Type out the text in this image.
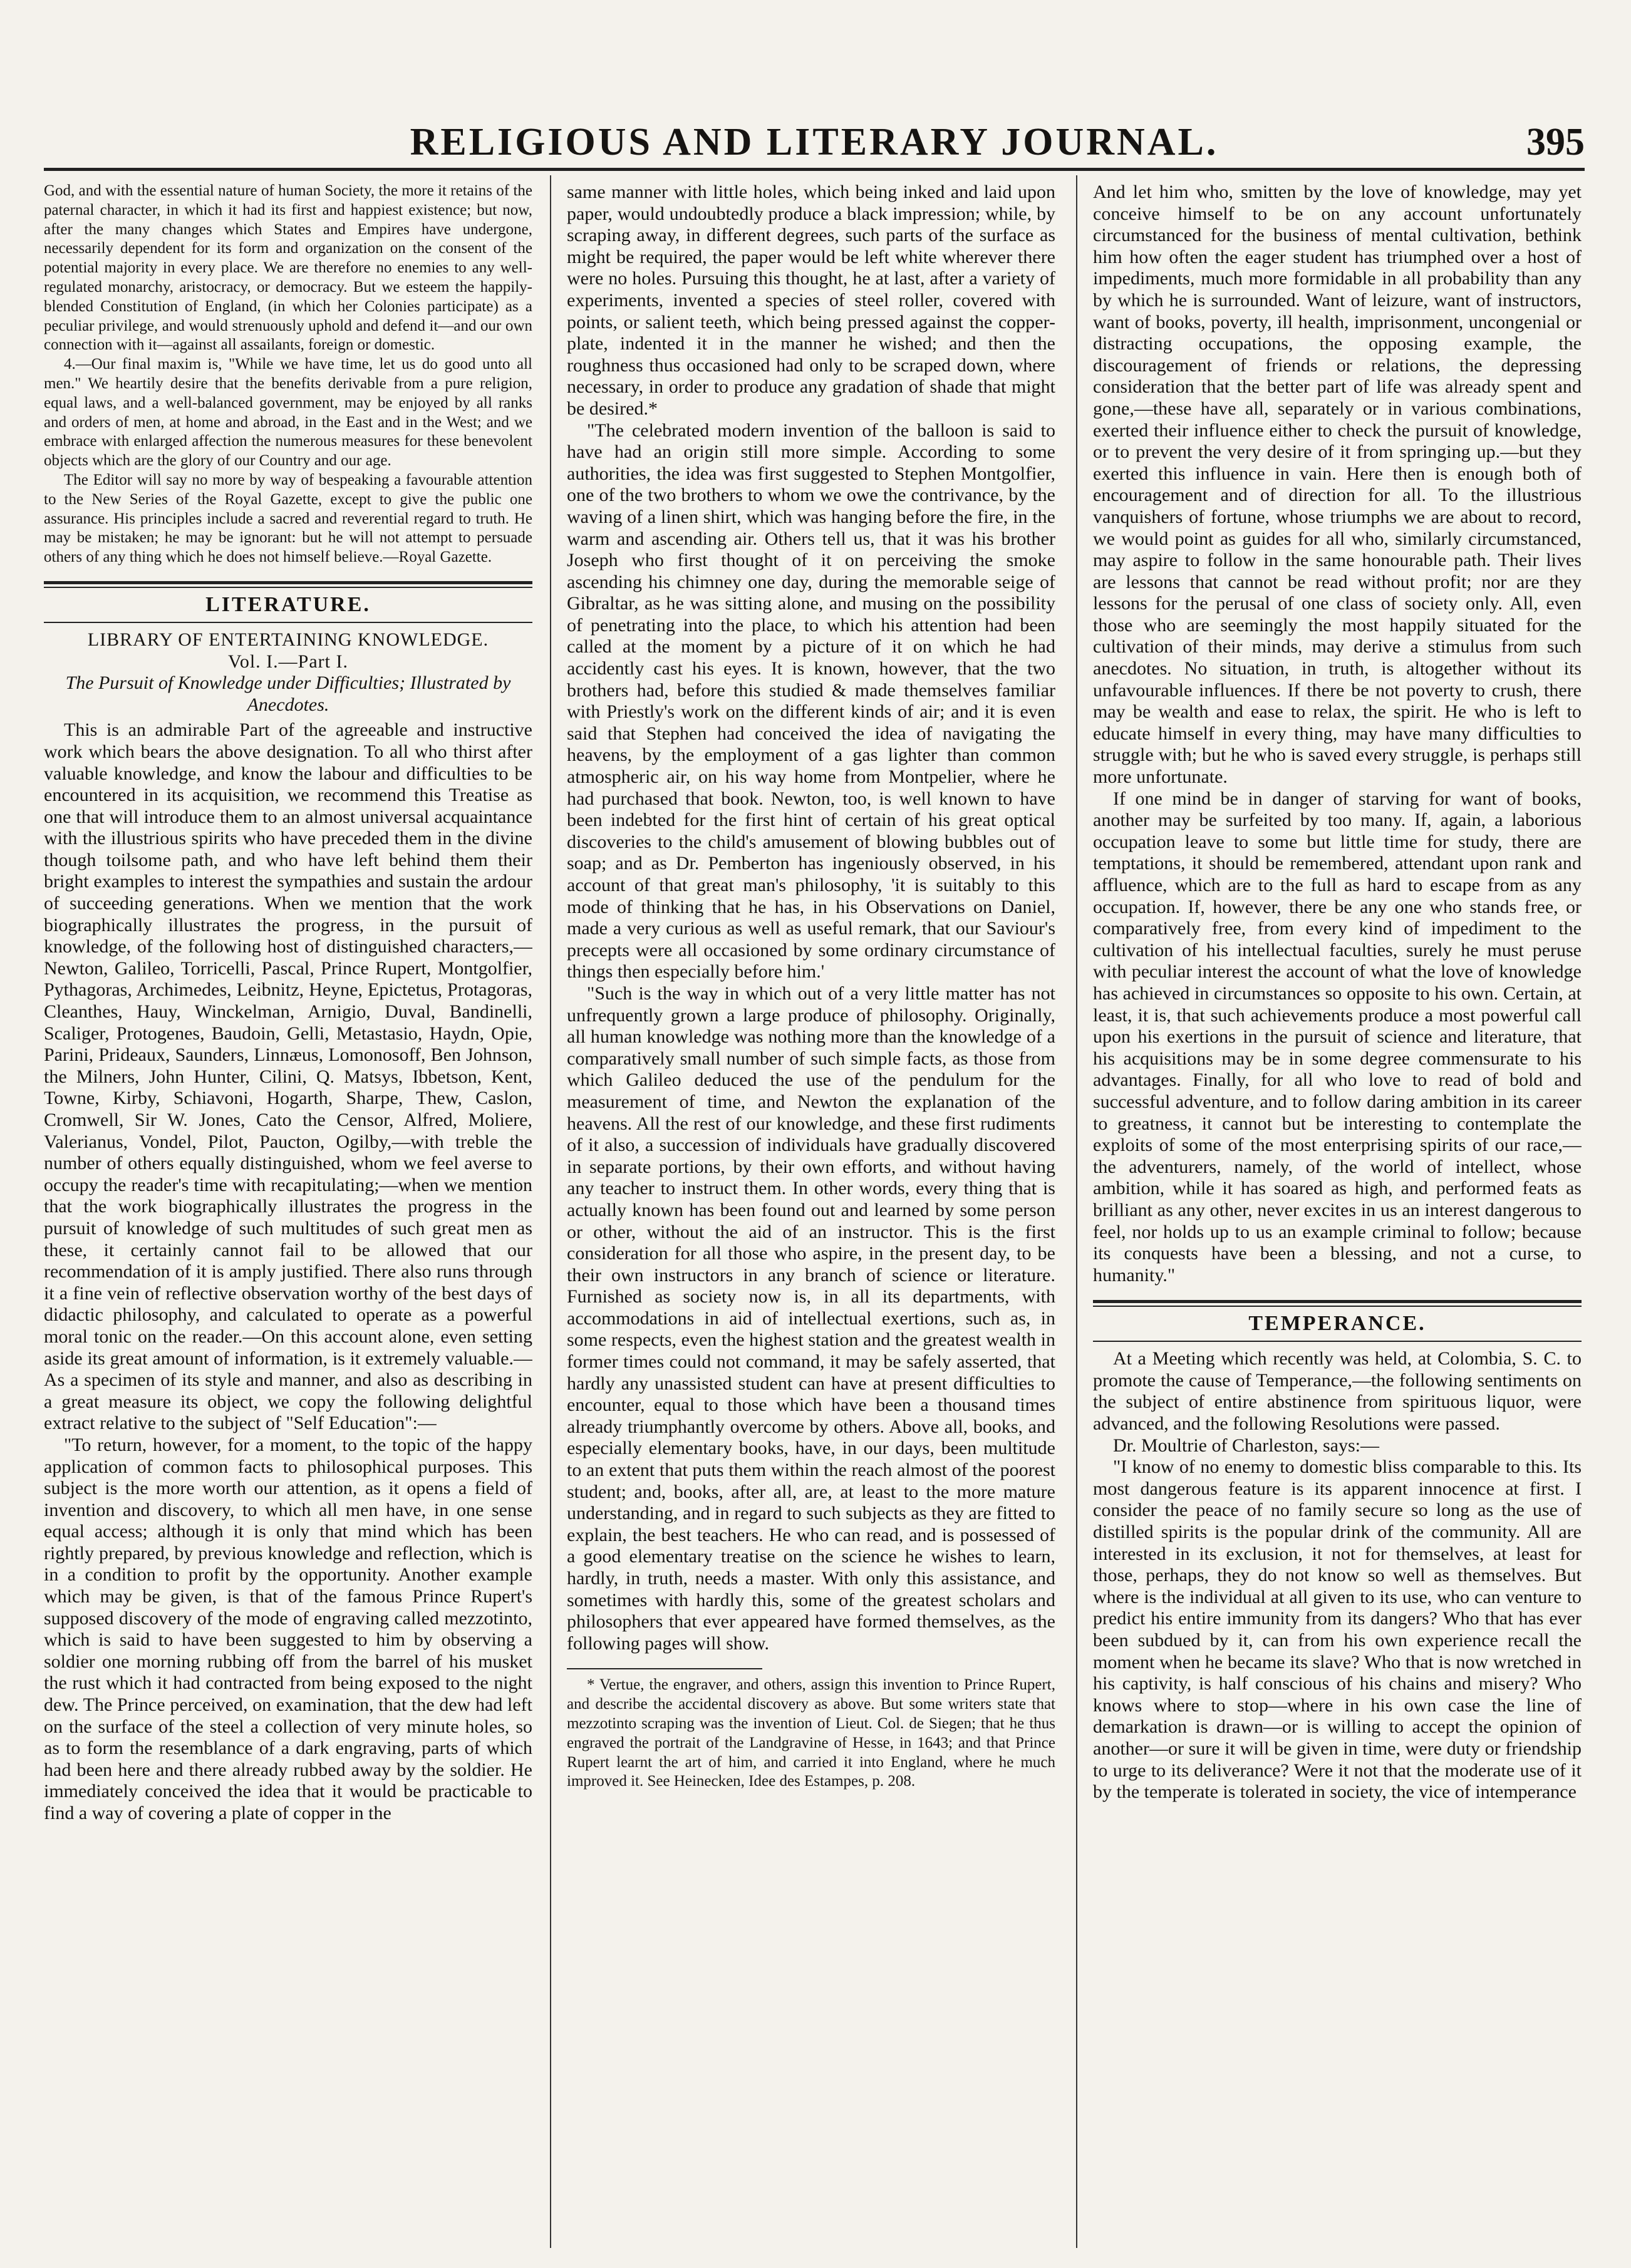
RELIGIOUS AND LITERARY JOURNAL.	395

God, and with the essential nature of human Society, the more it retains of the paternal character, in which it had its first and happiest existence; but now, after the many changes which States and Empires have undergone, necessarily dependent for its form and organization on the consent of the potential majority in every place. We are therefore no enemies to any well-regulated monarchy, aristocracy, or democracy. But we esteem the happily-blended Constitution of England, (in which her Colonies participate) as a peculiar privilege, and would strenuously uphold and defend it—and our own connection with it—against all assailants, foreign or domestic.

4.—Our final maxim is, "While we have time, let us do good unto all men." We heartily desire that the benefits derivable from a pure religion, equal laws, and a well-balanced government, may be enjoyed by all ranks and orders of men, at home and abroad, in the East and in the West; and we embrace with enlarged affection the numerous measures for these benevolent objects which are the glory of our Country and our age.

The Editor will say no more by way of bespeaking a favourable attention to the New Series of the Royal Gazette, except to give the public one assurance. His principles include a sacred and reverential regard to truth. He may be mistaken; he may be ignorant: but he will not attempt to persuade others of any thing which he does not himself believe.—Royal Gazette.

LITERATURE.

LIBRARY OF ENTERTAINING KNOWLEDGE.

Vol. I.—Part I.

The Pursuit of Knowledge under Difficulties; Illustrated by Anecdotes.

This is an admirable Part of the agreeable and instructive work which bears the above designation. To all who thirst after valuable knowledge, and know the labour and difficulties to be encountered in its acquisition, we recommend this Treatise as one that will introduce them to an almost universal acquaintance with the illustrious spirits who have preceded them in the divine though toilsome path, and who have left behind them their bright examples to interest the sympathies and sustain the ardour of succeeding generations. When we mention that the work biographically illustrates the progress, in the pursuit of knowledge, of the following host of distinguished characters,—Newton, Galileo, Torricelli, Pascal, Prince Rupert, Montgolfier, Pythagoras, Archimedes, Leibnitz, Heyne, Epictetus, Protagoras, Cleanthes, Hauy, Winckelman, Arnigio, Duval, Bandinelli, Scaliger, Protogenes, Baudoin, Gelli, Metastasio, Haydn, Opie, Parini, Prideaux, Saunders, Linnæus, Lomonosoff, Ben Johnson, the Milners, John Hunter, Cilini, Q. Matsys, Ibbetson, Kent, Towne, Kirby, Schiavoni, Hogarth, Sharpe, Thew, Caslon, Cromwell, Sir W. Jones, Cato the Censor, Alfred, Moliere, Valerianus, Vondel, Pilot, Paucton, Ogilby,—with treble the number of others equally distinguished, whom we feel averse to occupy the reader's time with recapitulating;—when we mention that the work biographically illustrates the progress in the pursuit of knowledge of such multitudes of such great men as these, it certainly cannot fail to be allowed that our recommendation of it is amply justified. There also runs through it a fine vein of reflective observation worthy of the best days of didactic philosophy, and calculated to operate as a powerful moral tonic on the reader.—On this account alone, even setting aside its great amount of information, is it extremely valuable.—As a specimen of its style and manner, and also as describing in a great measure its object, we copy the following delightful extract relative to the subject of "Self Education":—

"To return, however, for a moment, to the topic of the happy application of common facts to philosophical purposes. This subject is the more worth our attention, as it opens a field of invention and discovery, to which all men have, in one sense equal access; although it is only that mind which has been rightly prepared, by previous knowledge and reflection, which is in a condition to profit by the opportunity. Another example which may be given, is that of the famous Prince Rupert's supposed discovery of the mode of engraving called mezzotinto, which is said to have been suggested to him by observing a soldier one morning rubbing off from the barrel of his musket the rust which it had contracted from being exposed to the night dew. The Prince perceived, on examination, that the dew had left on the surface of the steel a collection of very minute holes, so as to form the resemblance of a dark engraving, parts of which had been here and there already rubbed away by the soldier. He immediately conceived the idea that it would be practicable to find a way of covering a plate of copper in the

same manner with little holes, which being inked and laid upon paper, would undoubtedly produce a black impression; while, by scraping away, in different degrees, such parts of the surface as might be required, the paper would be left white wherever there were no holes. Pursuing this thought, he at last, after a variety of experiments, invented a species of steel roller, covered with points, or salient teeth, which being pressed against the copper-plate, indented it in the manner he wished; and then the roughness thus occasioned had only to be scraped down, where necessary, in order to produce any gradation of shade that might be desired.*

"The celebrated modern invention of the balloon is said to have had an origin still more simple. According to some authorities, the idea was first suggested to Stephen Montgolfier, one of the two brothers to whom we owe the contrivance, by the waving of a linen shirt, which was hanging before the fire, in the warm and ascending air. Others tell us, that it was his brother Joseph who first thought of it on perceiving the smoke ascending his chimney one day, during the memorable seige of Gibraltar, as he was sitting alone, and musing on the possibility of penetrating into the place, to which his attention had been called at the moment by a picture of it on which he had accidently cast his eyes. It is known, however, that the two brothers had, before this studied & made themselves familiar with Priestly's work on the different kinds of air; and it is even said that Stephen had conceived the idea of navigating the heavens, by the employment of a gas lighter than common atmospheric air, on his way home from Montpelier, where he had purchased that book. Newton, too, is well known to have been indebted for the first hint of certain of his great optical discoveries to the child's amusement of blowing bubbles out of soap; and as Dr. Pemberton has ingeniously observed, in his account of that great man's philosophy, 'it is suitably to this mode of thinking that he has, in his Observations on Daniel, made a very curious as well as useful remark, that our Saviour's precepts were all occasioned by some ordinary circumstance of things then especially before him.'

"Such is the way in which out of a very little matter has not unfrequently grown a large produce of philosophy. Originally, all human knowledge was nothing more than the knowledge of a comparatively small number of such simple facts, as those from which Galileo deduced the use of the pendulum for the measurement of time, and Newton the explanation of the heavens. All the rest of our knowledge, and these first rudiments of it also, a succession of individuals have gradually discovered in separate portions, by their own efforts, and without having any teacher to instruct them. In other words, every thing that is actually known has been found out and learned by some person or other, without the aid of an instructor. This is the first consideration for all those who aspire, in the present day, to be their own instructors in any branch of science or literature. Furnished as society now is, in all its departments, with accommodations in aid of intellectual exertions, such as, in some respects, even the highest station and the greatest wealth in former times could not command, it may be safely asserted, that hardly any unassisted student can have at present difficulties to encounter, equal to those which have been a thousand times already triumphantly overcome by others. Above all, books, and especially elementary books, have, in our days, been multitude to an extent that puts them within the reach almost of the poorest student; and, books, after all, are, at least to the more mature understanding, and in regard to such subjects as they are fitted to explain, the best teachers. He who can read, and is possessed of a good elementary treatise on the science he wishes to learn, hardly, in truth, needs a master. With only this assistance, and sometimes with hardly this, some of the greatest scholars and philosophers that ever appeared have formed themselves, as the following pages will show.

* Vertue, the engraver, and others, assign this invention to Prince Rupert, and describe the accidental discovery as above. But some writers state that mezzotinto scraping was the invention of Lieut. Col. de Siegen; that he thus engraved the portrait of the Landgravine of Hesse, in 1643; and that Prince Rupert learnt the art of him, and carried it into England, where he much improved it. See Heinecken, Idee des Estampes, p. 208.

And let him who, smitten by the love of knowledge, may yet conceive himself to be on any account unfortunately circumstanced for the business of mental cultivation, bethink him how often the eager student has triumphed over a host of impediments, much more formidable in all probability than any by which he is surrounded. Want of leizure, want of instructors, want of books, poverty, ill health, imprisonment, uncongenial or distracting occupations, the opposing example, the discouragement of friends or relations, the depressing consideration that the better part of life was already spent and gone,—these have all, separately or in various combinations, exerted their influence either to check the pursuit of knowledge, or to prevent the very desire of it from springing up.—but they exerted this influence in vain. Here then is enough both of encouragement and of direction for all. To the illustrious vanquishers of fortune, whose triumphs we are about to record, we would point as guides for all who, similarly circumstanced, may aspire to follow in the same honourable path. Their lives are lessons that cannot be read without profit; nor are they lessons for the perusal of one class of society only. All, even those who are seemingly the most happily situated for the cultivation of their minds, may derive a stimulus from such anecdotes. No situation, in truth, is altogether without its unfavourable influences. If there be not poverty to crush, there may be wealth and ease to relax, the spirit. He who is left to educate himself in every thing, may have many difficulties to struggle with; but he who is saved every struggle, is perhaps still more unfortunate.

If one mind be in danger of starving for want of books, another may be surfeited by too many. If, again, a laborious occupation leave to some but little time for study, there are temptations, it should be remembered, attendant upon rank and affluence, which are to the full as hard to escape from as any occupation. If, however, there be any one who stands free, or comparatively free, from every kind of impediment to the cultivation of his intellectual faculties, surely he must peruse with peculiar interest the account of what the love of knowledge has achieved in circumstances so opposite to his own. Certain, at least, it is, that such achievements produce a most powerful call upon his exertions in the pursuit of science and literature, that his acquisitions may be in some degree commensurate to his advantages. Finally, for all who love to read of bold and successful adventure, and to follow daring ambition in its career to greatness, it cannot but be interesting to contemplate the exploits of some of the most enterprising spirits of our race,—the adventurers, namely, of the world of intellect, whose ambition, while it has soared as high, and performed feats as brilliant as any other, never excites in us an interest dangerous to feel, nor holds up to us an example criminal to follow; because its conquests have been a blessing, and not a curse, to humanity."

TEMPERANCE.

At a Meeting which recently was held, at Colombia, S. C. to promote the cause of Temperance,—the following sentiments on the subject of entire abstinence from spirituous liquor, were advanced, and the following Resolutions were passed.

Dr. Moultrie of Charleston, says:—

"I know of no enemy to domestic bliss comparable to this. Its most dangerous feature is its apparent innocence at first. I consider the peace of no family secure so long as the use of distilled spirits is the popular drink of the community. All are interested in its exclusion, it not for themselves, at least for those, perhaps, they do not know so well as themselves. But where is the individual at all given to its use, who can venture to predict his entire immunity from its dangers? Who that has ever been subdued by it, can from his own experience recall the moment when he became its slave? Who that is now wretched in his captivity, is half conscious of his chains and misery? Who knows where to stop—where in his own case the line of demarkation is drawn—or is willing to accept the opinion of another—or sure it will be given in time, were duty or friendship to urge to its deliverance? Were it not that the moderate use of it by the temperate is tolerated in society, the vice of intemperance
